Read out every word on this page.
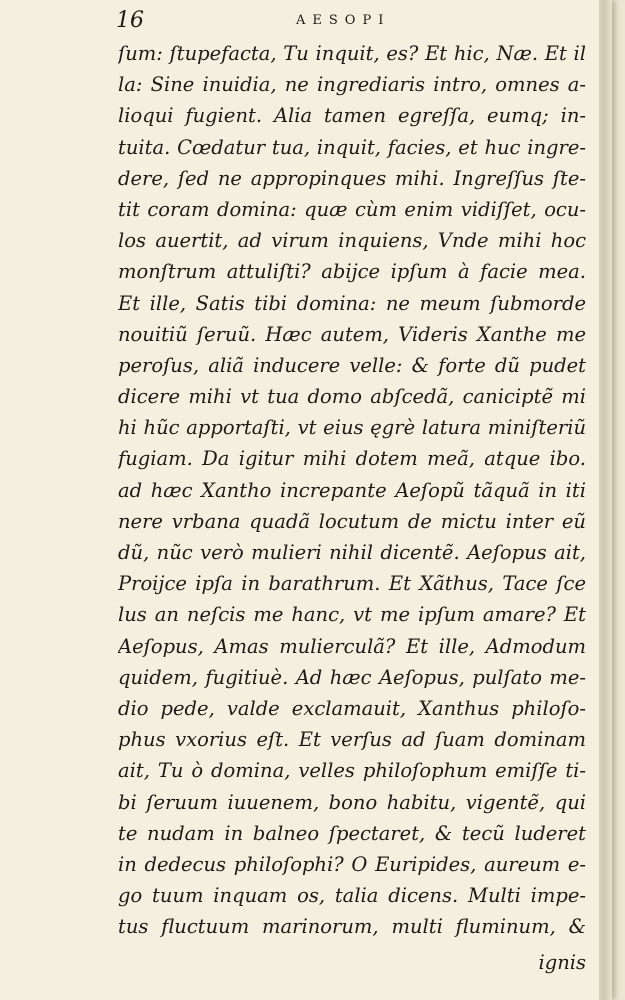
16	AESOPI
ſum: ſtupefacta, Tu inquit, es? Et hic, Næ. Et il
la: Sine inuidia, ne ingrediaris intro, omnes a-
lioqui fugient. Alia tamen egreſſa, eumq; in-
tuita. Cœdatur tua, inquit, facies, et huc ingre-
dere, ſed ne appropinques mihi. Ingreſſus ſte-
tit coram domina: quæ cùm enim vidiſſet, ocu-
los auertit, ad virum inquiens, Vnde mihi hoc
monſtrum attuliſti? abijce ipſum à facie mea.
Et ille, Satis tibi domina: ne meum ſubmorde
nouitiũ ſeruũ. Hæc autem, Videris Xanthe me
peroſus, aliã inducere velle: & forte dũ pudet
dicere mihi vt tua domo abſcedã, caniciptẽ mi
hi hũc apportaſti, vt eius ęgrè latura miniſteriũ
fugiam. Da igitur mihi dotem meã, atque ibo.
ad hæc Xantho increpante Aeſopũ tãquã in iti
nere vrbana quadã locutum de mictu inter eũ
dũ, nũc verò mulieri nihil dicentẽ. Aeſopus ait,
Proijce ipſa in barathrum. Et Xãthus, Tace ſce
lus an neſcis me hanc, vt me ipſum amare? Et
Aeſopus, Amas mulierculã? Et ille, Admodum
quidem, fugitiuè. Ad hæc Aeſopus, pulſato me-
dio pede, valde exclamauit, Xanthus philoſo-
phus vxorius eſt. Et verſus ad ſuam dominam
ait, Tu ò domina, velles philoſophum emiſſe ti-
bi ſeruum iuuenem, bono habitu, vigentẽ, qui
te nudam in balneo ſpectaret, & tecũ luderet
in dedecus philoſophi? O Euripides, aureum e-
go tuum inquam os, talia dicens. Multi impe-
tus fluctuum marinorum, multi fluminum, &
ignis
